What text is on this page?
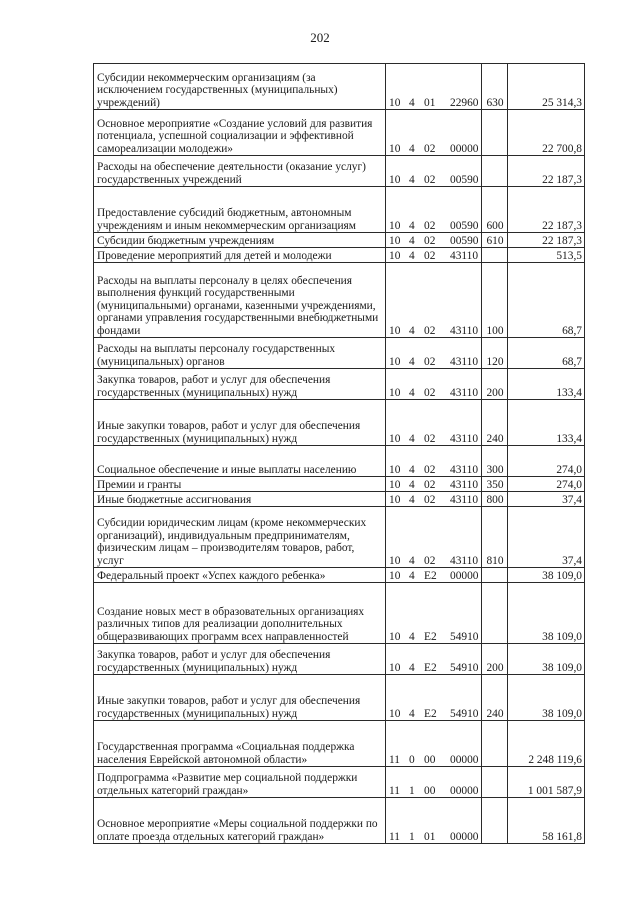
202
Субсидии некоммерческим организациям (за исключением государственных (муниципальных) учреждений)	10 4 01 22960	630	25 314,3
Основное мероприятие «Создание условий для развития потенциала, успешной социализации и эффективной самореализации молодежи»	10 4 02 00000		22 700,8
Расходы на обеспечение деятельности (оказание услуг) государственных учреждений	10 4 02 00590		22 187,3
Предоставление субсидий бюджетным, автономным учреждениям и иным некоммерческим организациям	10 4 02 00590	600	22 187,3
Субсидии бюджетным учреждениям	10 4 02 00590	610	22 187,3
Проведение мероприятий для детей и молодежи	10 4 02 43110		513,5
Расходы на выплаты персоналу в целях обеспечения выполнения функций государственными (муниципальными) органами, казенными учреждениями, органами управления государственными внебюджетными фондами	10 4 02 43110	100	68,7
Расходы на выплаты персоналу государственных (муниципальных) органов	10 4 02 43110	120	68,7
Закупка товаров, работ и услуг для обеспечения государственных (муниципальных) нужд	10 4 02 43110	200	133,4
Иные закупки товаров, работ и услуг для обеспечения государственных (муниципальных) нужд	10 4 02 43110	240	133,4
Социальное обеспечение и иные выплаты населению	10 4 02 43110	300	274,0
Премии и гранты	10 4 02 43110	350	274,0
Иные бюджетные ассигнования	10 4 02 43110	800	37,4
Субсидии юридическим лицам (кроме некоммерческих организаций), индивидуальным предпринимателям, физическим лицам – производителям товаров, работ, услуг	10 4 02 43110	810	37,4
Федеральный проект «Успех каждого ребенка»	10 4 E2 00000		38 109,0
Создание новых мест в образовательных организациях различных типов для реализации дополнительных общеразвивающих программ всех направленностей	10 4 E2 54910		38 109,0
Закупка товаров, работ и услуг для обеспечения государственных (муниципальных) нужд	10 4 E2 54910	200	38 109,0
Иные закупки товаров, работ и услуг для обеспечения государственных (муниципальных) нужд	10 4 E2 54910	240	38 109,0
Государственная программа «Социальная поддержка населения Еврейской автономной области»	11 0 00 00000		2 248 119,6
Подпрограмма «Развитие мер социальной поддержки отдельных категорий граждан»	11 1 00 00000		1 001 587,9
Основное мероприятие «Меры социальной поддержки по оплате проезда отдельных категорий граждан»	11 1 01 00000		58 161,8
